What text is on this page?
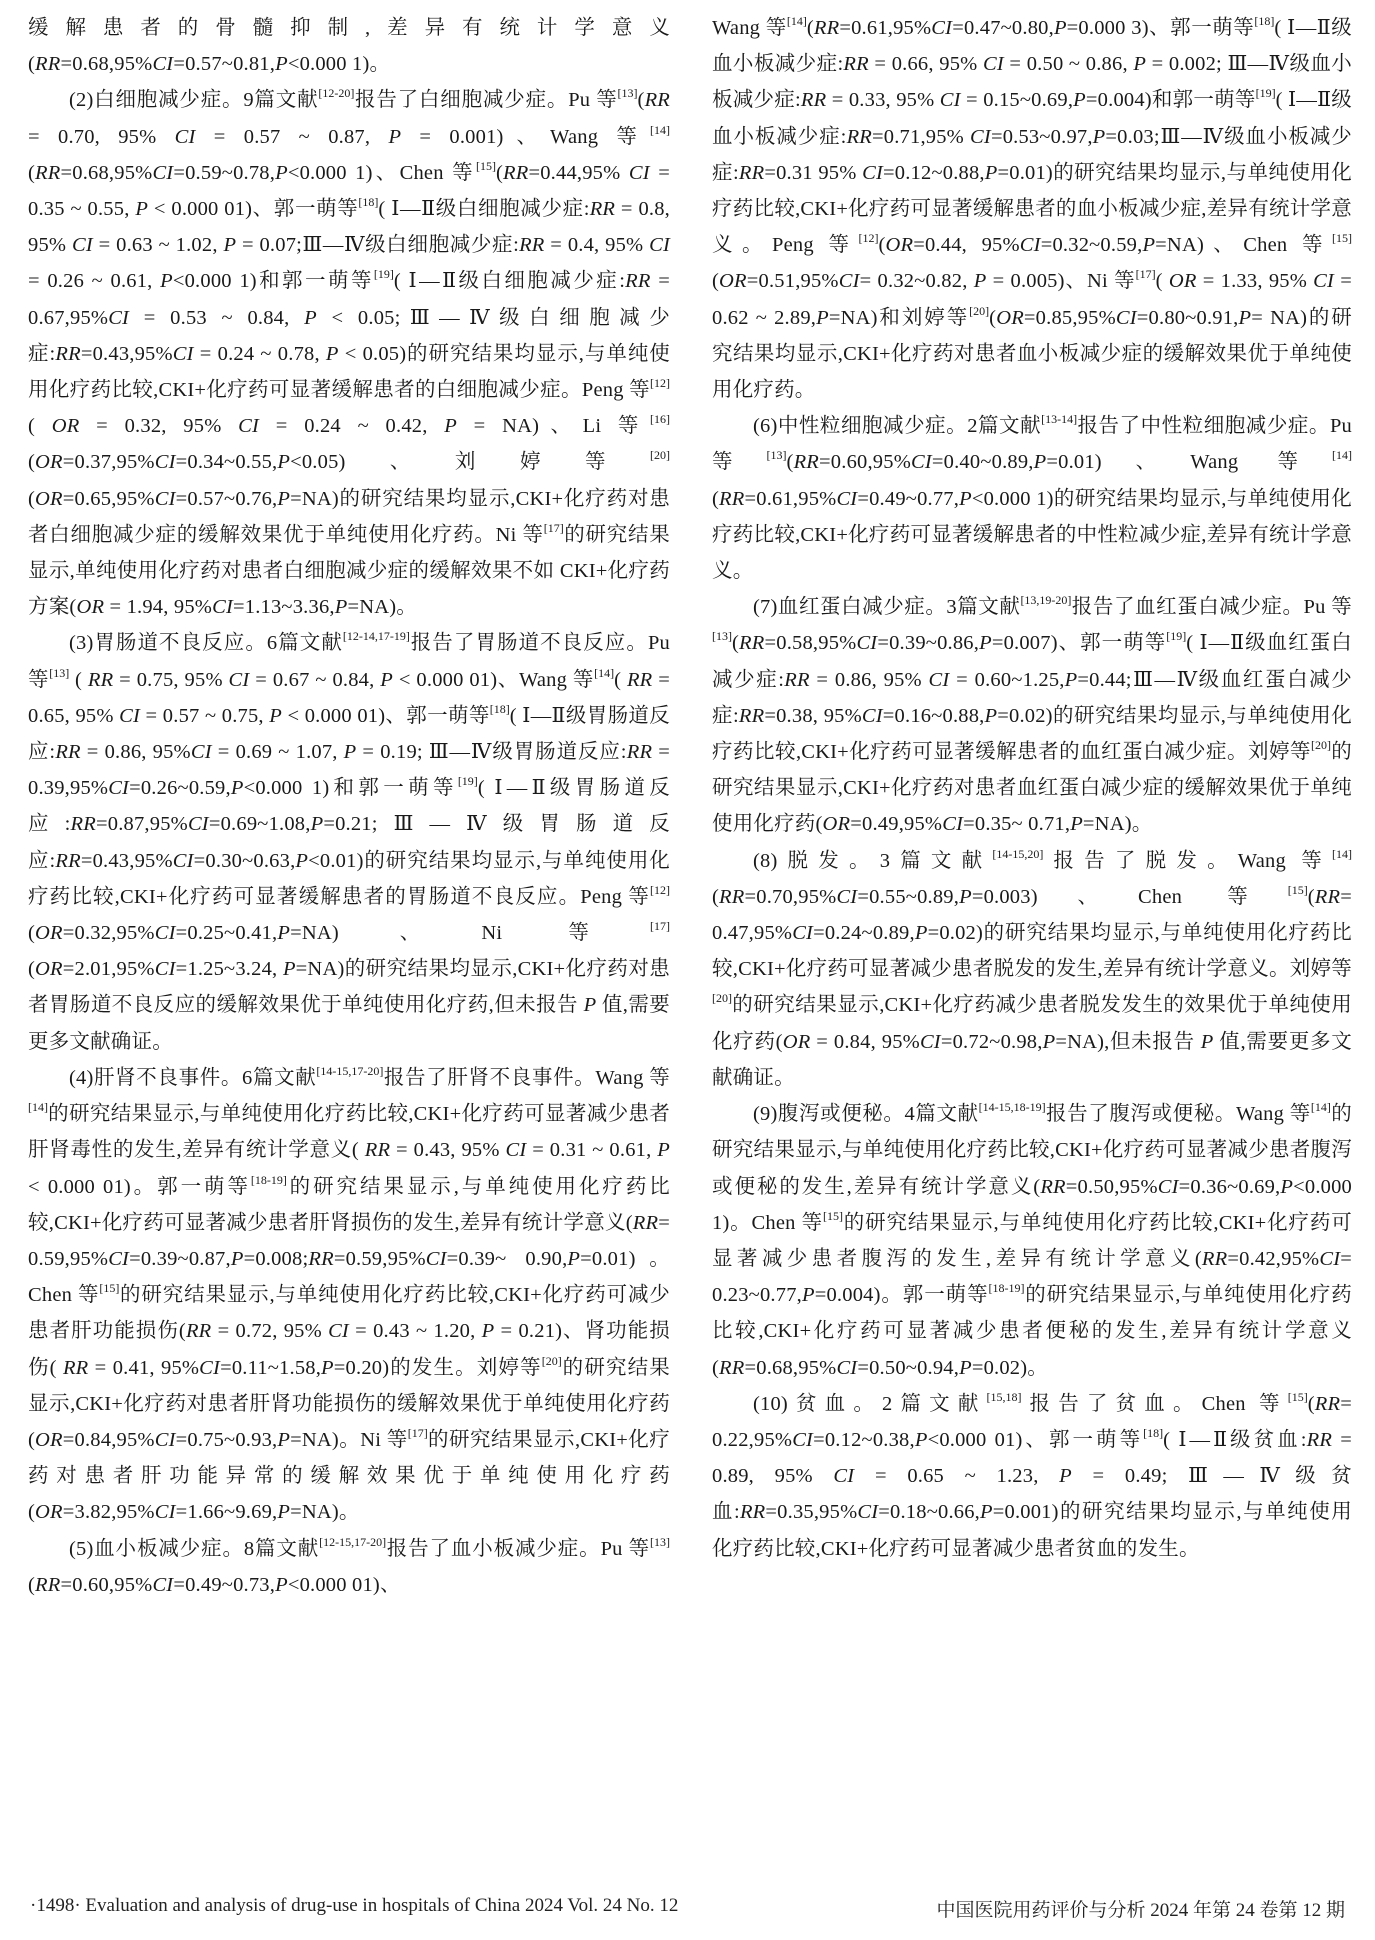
缓解患者的骨髓抑制,差异有统计学意义(RR=0.68,95%CI=0.57~0.81,P<0.000 1)。

(2)白细胞减少症。9篇文献[12-20]报告了白细胞减少症。Pu 等[13](RR = 0.70, 95% CI = 0.57 ~ 0.87, P = 0.001)、Wang 等[14](RR=0.68,95%CI=0.59~0.78,P<0.000 1)、Chen 等[15](RR=0.44,95% CI = 0.35 ~ 0.55, P < 0.000 01)、郭一萌等[18]( Ⅰ—Ⅱ级白细胞减少症:RR = 0.8, 95% CI = 0.63 ~ 1.02, P = 0.07;Ⅲ—Ⅳ级白细胞减少症:RR = 0.4, 95% CI = 0.26 ~ 0.61, P<0.000 1)和郭一萌等[19]( Ⅰ—Ⅱ级白细胞减少症:RR = 0.67,95%CI = 0.53 ~ 0.84, P < 0.05;Ⅲ—Ⅳ级白细胞减少症:RR=0.43,95%CI = 0.24 ~ 0.78, P < 0.05)的研究结果均显示,与单纯使用化疗药比较,CKI+化疗药可显著缓解患者的白细胞减少症。Peng 等[12]( OR = 0.32, 95% CI = 0.24 ~ 0.42, P = NA)、Li 等[16](OR=0.37,95%CI=0.34~0.55,P<0.05)、刘婷等[20](OR=0.65,95%CI=0.57~0.76,P=NA)的研究结果均显示,CKI+化疗药对患者白细胞减少症的缓解效果优于单纯使用化疗药。Ni 等[17]的研究结果显示,单纯使用化疗药对患者白细胞减少症的缓解效果不如 CKI+化疗药方案(OR = 1.94, 95%CI=1.13~3.36,P=NA)。

(3)胃肠道不良反应。6篇文献[12-14,17-19]报告了胃肠道不良反应。Pu 等[13] ( RR = 0.75, 95% CI = 0.67 ~ 0.84, P < 0.000 01)、Wang 等[14]( RR = 0.65, 95% CI = 0.57 ~ 0.75, P < 0.000 01)、郭一萌等[18]( Ⅰ—Ⅱ级胃肠道反应:RR = 0.86, 95%CI = 0.69 ~ 1.07, P = 0.19; Ⅲ—Ⅳ级胃肠道反应:RR = 0.39,95%CI=0.26~0.59,P<0.000 1)和郭一萌等[19]( Ⅰ—Ⅱ级胃肠道反应:RR=0.87,95%CI=0.69~1.08,P=0.21;Ⅲ—Ⅳ级胃肠道反应:RR=0.43,95%CI=0.30~0.63,P<0.01)的研究结果均显示,与单纯使用化疗药比较,CKI+化疗药可显著缓解患者的胃肠道不良反应。Peng 等[12](OR=0.32,95%CI=0.25~0.41,P=NA)、Ni 等[17](OR=2.01,95%CI=1.25~3.24, P=NA)的研究结果均显示,CKI+化疗药对患者胃肠道不良反应的缓解效果优于单纯使用化疗药,但未报告 P 值,需要更多文献确证。

(4)肝肾不良事件。6篇文献[14-15,17-20]报告了肝肾不良事件。Wang 等[14]的研究结果显示,与单纯使用化疗药比较,CKI+化疗药可显著减少患者肝肾毒性的发生,差异有统计学意义( RR = 0.43, 95% CI = 0.31 ~ 0.61, P < 0.000 01)。郭一萌等[18-19]的研究结果显示,与单纯使用化疗药比较,CKI+化疗药可显著减少患者肝肾损伤的发生,差异有统计学意义(RR= 0.59,95%CI=0.39~0.87,P=0.008;RR=0.59,95%CI=0.39~ 0.90,P=0.01)。Chen 等[15]的研究结果显示,与单纯使用化疗药比较,CKI+化疗药可减少患者肝功能损伤(RR = 0.72, 95% CI = 0.43 ~ 1.20, P = 0.21)、肾功能损伤( RR = 0.41, 95%CI=0.11~1.58,P=0.20)的发生。刘婷等[20]的研究结果显示,CKI+化疗药对患者肝肾功能损伤的缓解效果优于单纯使用化疗药(OR=0.84,95%CI=0.75~0.93,P=NA)。Ni 等[17]的研究结果显示,CKI+化疗药对患者肝功能异常的缓解效果优于单纯使用化疗药(OR=3.82,95%CI=1.66~9.69,P=NA)。

(5)血小板减少症。8篇文献[12-15,17-20]报告了血小板减少症。Pu 等[13](RR=0.60,95%CI=0.49~0.73,P<0.000 01)、

Wang 等[14](RR=0.61,95%CI=0.47~0.80,P=0.000 3)、郭一萌等[18]( Ⅰ—Ⅱ级血小板减少症:RR = 0.66, 95% CI = 0.50 ~ 0.86, P = 0.002; Ⅲ—Ⅳ级血小板减少症:RR = 0.33, 95% CI = 0.15~0.69,P=0.004)和郭一萌等[19]( Ⅰ—Ⅱ级血小板减少症:RR=0.71,95% CI=0.53~0.97,P=0.03;Ⅲ—Ⅳ级血小板减少症:RR=0.31 95% CI=0.12~0.88,P=0.01)的研究结果均显示,与单纯使用化疗药比较,CKI+化疗药可显著缓解患者的血小板减少症,差异有统计学意义。Peng 等[12](OR=0.44, 95%CI=0.32~0.59,P=NA)、Chen 等[15](OR=0.51,95%CI= 0.32~0.82, P = 0.005)、Ni 等[17]( OR = 1.33, 95% CI = 0.62 ~ 2.89,P=NA)和刘婷等[20](OR=0.85,95%CI=0.80~0.91,P= NA)的研究结果均显示,CKI+化疗药对患者血小板减少症的缓解效果优于单纯使用化疗药。

(6)中性粒细胞减少症。2篇文献[13-14]报告了中性粒细胞减少症。Pu 等[13](RR=0.60,95%CI=0.40~0.89,P=0.01)、Wang 等[14](RR=0.61,95%CI=0.49~0.77,P<0.000 1)的研究结果均显示,与单纯使用化疗药比较,CKI+化疗药可显著缓解患者的中性粒减少症,差异有统计学意义。

(7)血红蛋白减少症。3篇文献[13,19-20]报告了血红蛋白减少症。Pu 等[13](RR=0.58,95%CI=0.39~0.86,P=0.007)、郭一萌等[19]( Ⅰ—Ⅱ级血红蛋白减少症:RR = 0.86, 95% CI = 0.60~1.25,P=0.44;Ⅲ—Ⅳ级血红蛋白减少症:RR=0.38, 95%CI=0.16~0.88,P=0.02)的研究结果均显示,与单纯使用化疗药比较,CKI+化疗药可显著缓解患者的血红蛋白减少症。刘婷等[20]的研究结果显示,CKI+化疗药对患者血红蛋白减少症的缓解效果优于单纯使用化疗药(OR=0.49,95%CI=0.35~ 0.71,P=NA)。

(8)脱发。3篇文献[14-15,20]报告了脱发。Wang 等[14](RR=0.70,95%CI=0.55~0.89,P=0.003)、Chen 等[15](RR= 0.47,95%CI=0.24~0.89,P=0.02)的研究结果均显示,与单纯使用化疗药比较,CKI+化疗药可显著减少患者脱发的发生,差异有统计学意义。刘婷等[20]的研究结果显示,CKI+化疗药减少患者脱发发生的效果优于单纯使用化疗药(OR = 0.84, 95%CI=0.72~0.98,P=NA),但未报告 P 值,需要更多文献确证。

(9)腹泻或便秘。4篇文献[14-15,18-19]报告了腹泻或便秘。Wang 等[14]的研究结果显示,与单纯使用化疗药比较,CKI+化疗药可显著减少患者腹泻或便秘的发生,差异有统计学意义(RR=0.50,95%CI=0.36~0.69,P<0.000 1)。Chen 等[15]的研究结果显示,与单纯使用化疗药比较,CKI+化疗药可显著减少患者腹泻的发生,差异有统计学意义(RR=0.42,95%CI= 0.23~0.77,P=0.004)。郭一萌等[18-19]的研究结果显示,与单纯使用化疗药比较,CKI+化疗药可显著减少患者便秘的发生,差异有统计学意义(RR=0.68,95%CI=0.50~0.94,P=0.02)。

(10)贫血。2篇文献[15,18]报告了贫血。Chen 等[15](RR= 0.22,95%CI=0.12~0.38,P<0.000 01)、郭一萌等[18]( Ⅰ—Ⅱ级贫血:RR = 0.89, 95% CI = 0.65 ~ 1.23, P = 0.49; Ⅲ—Ⅳ级贫血:RR=0.35,95%CI=0.18~0.66,P=0.001)的研究结果均显示,与单纯使用化疗药比较,CKI+化疗药可显著减少患者贫血的发生。

·1498· Evaluation and analysis of drug-use in hospitals of China 2024 Vol. 24 No. 12	中国医院用药评价与分析 2024 年第 24 卷第 12 期
